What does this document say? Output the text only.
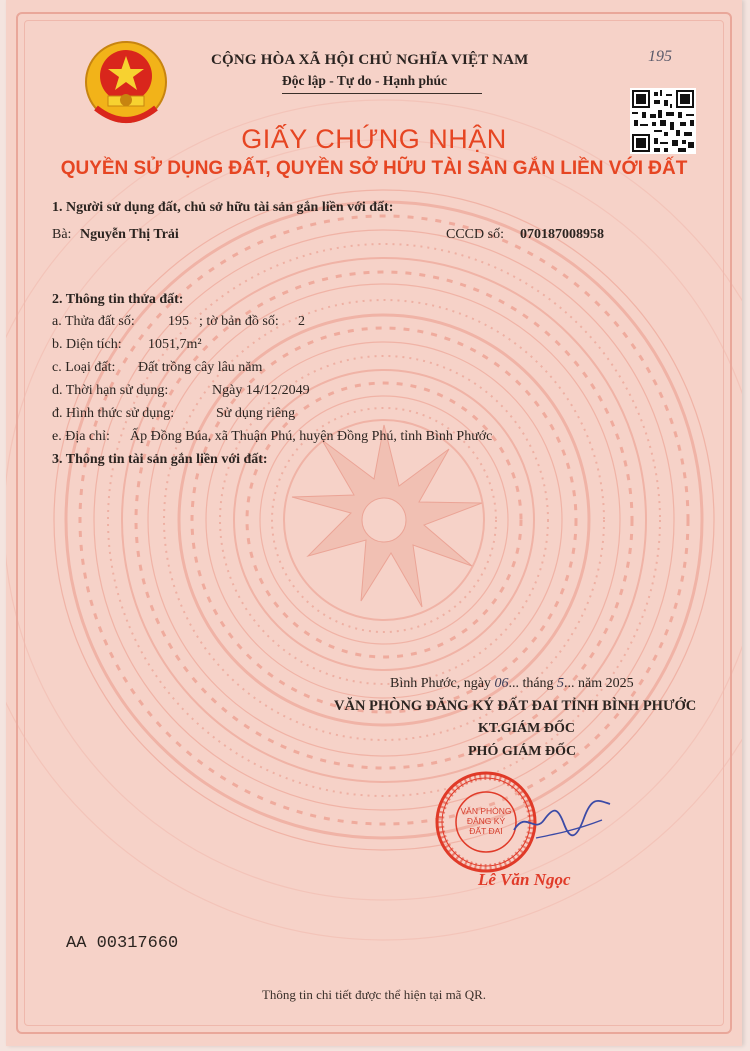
CỘNG HÒA XÃ HỘI CHỦ NGHĨA VIỆT NAM
Độc lập - Tự do - Hạnh phúc
195
GIẤY CHỨNG NHẬN
QUYỀN SỬ DỤNG ĐẤT, QUYỀN SỞ HỮU TÀI SẢN GẮN LIỀN VỚI ĐẤT
1. Người sử dụng đất, chủ sở hữu tài sản gắn liền với đất:
Bà: Nguyễn Thị Trải	CCCD số: 070187008958
2. Thông tin thửa đất:
a. Thửa đất số: 195 ; tờ bản đồ số: 2
b. Diện tích: 1051,7m²
c. Loại đất: Đất trồng cây lâu năm
d. Thời hạn sử dụng:	Ngày 14/12/2049
đ. Hình thức sử dụng:	Sử dụng riêng
e. Địa chỉ: Ấp Đồng Búa, xã Thuận Phú, huyện Đồng Phú, tỉnh Bình Phước
3. Thông tin tài sản gắn liền với đất:
Bình Phước, ngày 06... tháng 5... năm 2025
VĂN PHÒNG ĐĂNG KÝ ĐẤT ĐAI TỈNH BÌNH PHƯỚC
KT.GIÁM ĐỐC
PHÓ GIÁM ĐỐC
VĂN PHÒNG
ĐĂNG KÝ
ĐẤT ĐAI
Lê Văn Ngọc
AA 00317660
Thông tin chi tiết được thể hiện tại mã QR.
